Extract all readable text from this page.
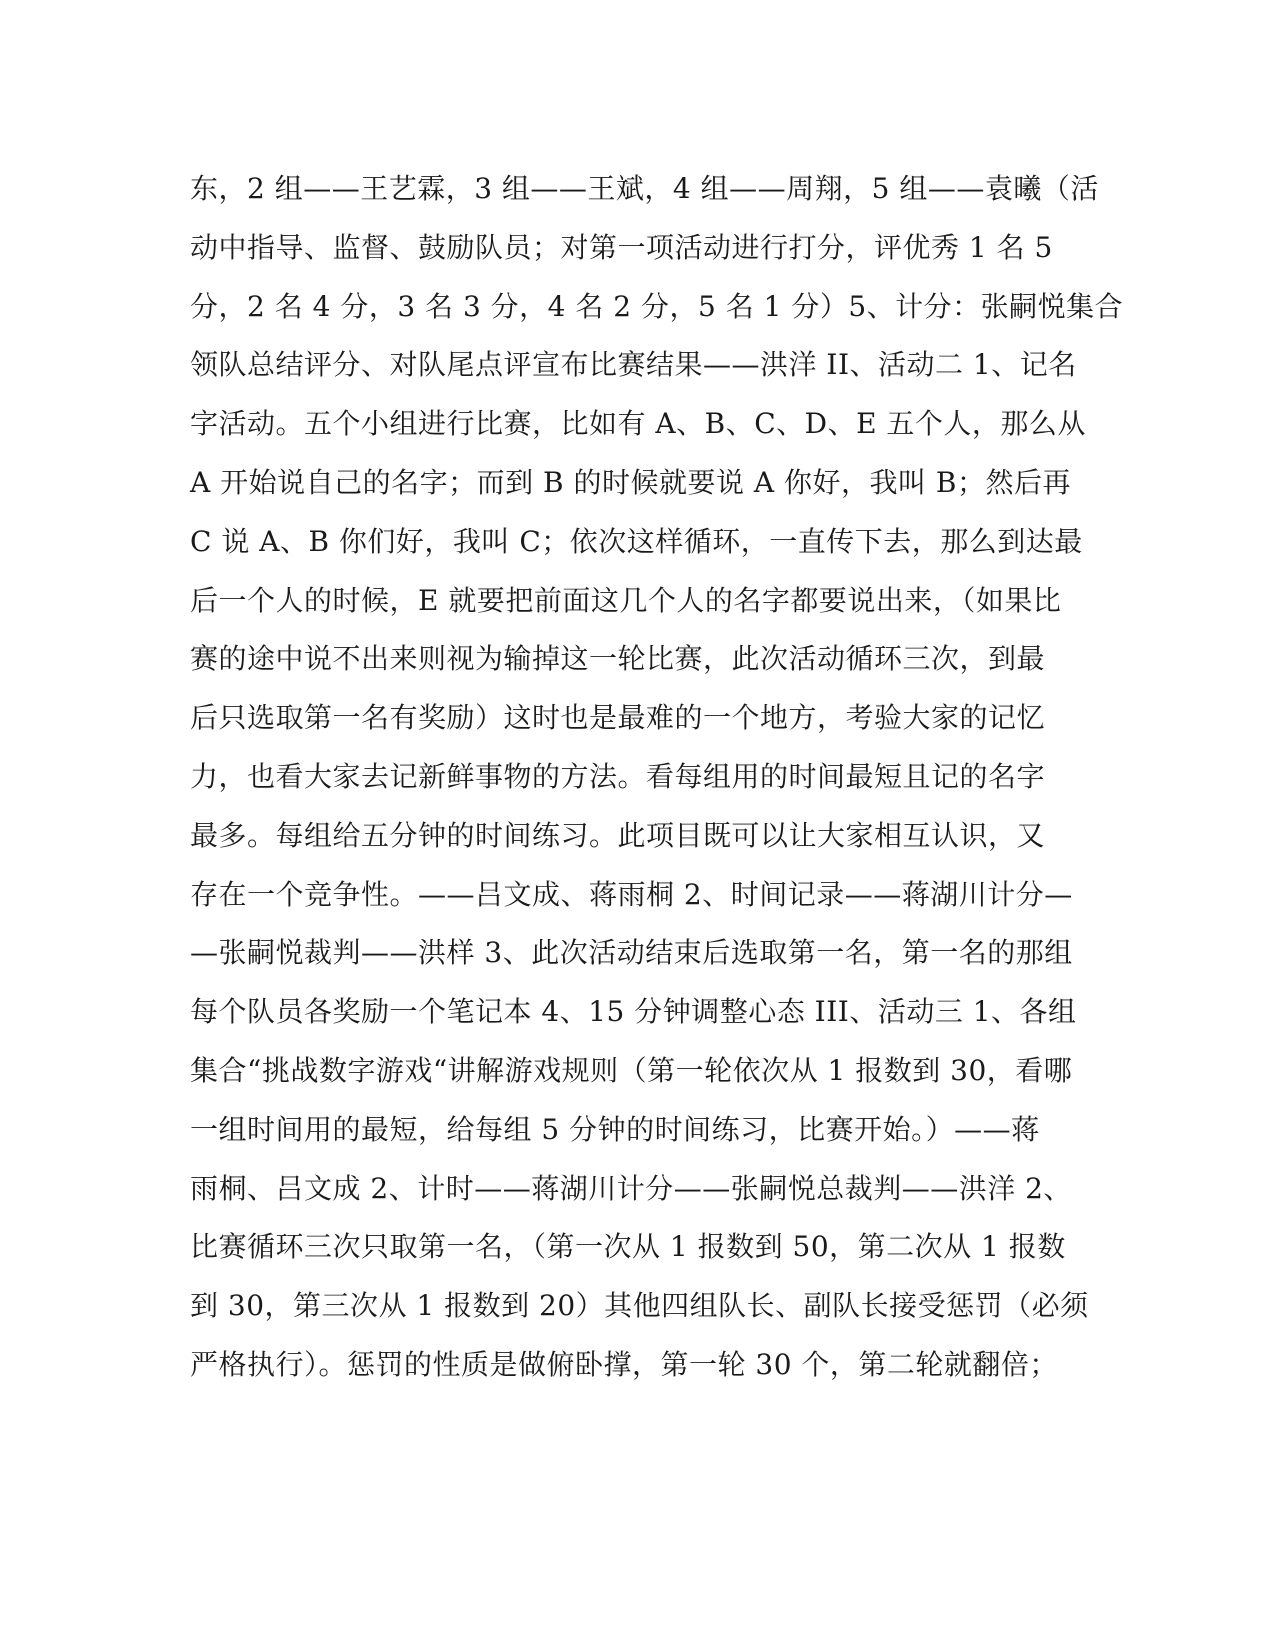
东，2 组——王艺霖，3 组——王斌，4 组——周翔，5 组——袁曦（活
动中指导、监督、鼓励队员；对第一项活动进行打分，评优秀 1 名 5
分，2 名 4 分，3 名 3 分，4 名 2 分，5 名 1 分）5、计分：张嗣悦集合
领队总结评分、对队尾点评宣布比赛结果——洪洋 II、活动二 1、记名
字活动。五个小组进行比赛，比如有 A、B、C、D、E 五个人，那么从
A 开始说自己的名字；而到 B 的时候就要说 A 你好，我叫 B；然后再
C 说 A、B 你们好，我叫 C；依次这样循环，一直传下去，那么到达最
后一个人的时候，E 就要把前面这几个人的名字都要说出来，（如果比
赛的途中说不出来则视为输掉这一轮比赛，此次活动循环三次，到最
后只选取第一名有奖励）这时也是最难的一个地方，考验大家的记忆
力，也看大家去记新鲜事物的方法。看每组用的时间最短且记的名字
最多。每组给五分钟的时间练习。此项目既可以让大家相互认识，又
存在一个竞争性。——吕文成、蒋雨桐 2、时间记录——蒋湖川计分—
—张嗣悦裁判——洪样 3、此次活动结束后选取第一名，第一名的那组
每个队员各奖励一个笔记本 4、15 分钟调整心态 III、活动三 1、各组
集合“挑战数字游戏“讲解游戏规则（第一轮依次从 1 报数到 30，看哪
一组时间用的最短，给每组 5 分钟的时间练习，比赛开始。）——蒋
雨桐、吕文成 2、计时——蒋湖川计分——张嗣悦总裁判——洪洋 2、
比赛循环三次只取第一名，（第一次从 1 报数到 50，第二次从 1 报数
到 30，第三次从 1 报数到 20）其他四组队长、副队长接受惩罚（必须
严格执行）。惩罚的性质是做俯卧撑，第一轮 30 个，第二轮就翻倍；
